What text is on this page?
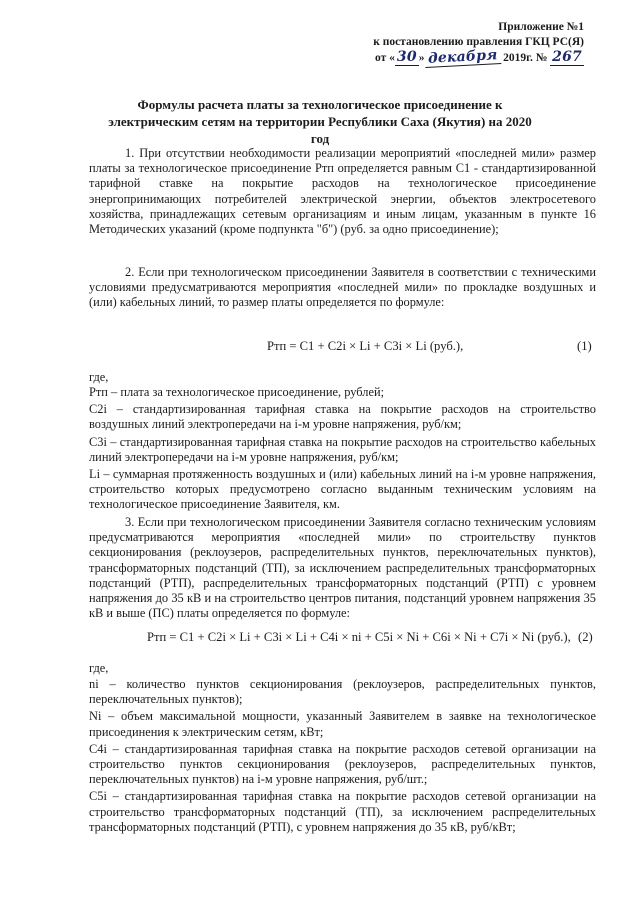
Приложение №1
к постановлению правления ГКЦ РС(Я)
от « 30 » декабря 2019г. № 267
Формулы расчета платы за технологическое присоединение к электрическим сетям на территории Республики Саха (Якутия) на 2020 год
1. При отсутствии необходимости реализации мероприятий «последней мили» размер платы за технологическое присоединение Pтп определяется равным C1 - стандартизированной тарифной ставке на покрытие расходов на технологическое присоединение энергопринимающих потребителей электрической энергии, объектов электросетевого хозяйства, принадлежащих сетевым организациям и иным лицам, указанным в пункте 16 Методических указаний (кроме подпункта "б") (руб. за одно присоединение);
2. Если при технологическом присоединении Заявителя в соответствии с техническими условиями предусматриваются мероприятия «последней мили» по прокладке воздушных и (или) кабельных линий, то размер платы определяется по формуле:
Pтп = C1 + C2i × Li + C3i × Li (руб.),	(1)
где,

Pтп – плата за технологическое присоединение, рублей;

C2i – стандартизированная тарифная ставка на покрытие расходов на строительство воздушных линий электропередачи на i-м уровне напряжения, руб/км;

C3i – стандартизированная тарифная ставка на покрытие расходов на строительство кабельных линий электропередачи на i-м уровне напряжения, руб/км;

Li – суммарная протяженность воздушных и (или) кабельных линий на i-м уровне напряжения, строительство которых предусмотрено согласно выданным техническим условиям на технологическое присоединение Заявителя, км.

3. Если при технологическом присоединении Заявителя согласно техническим условиям предусматриваются мероприятия «последней мили» по строительству пунктов секционирования (реклоузеров, распределительных пунктов, переключательных пунктов), трансформаторных подстанций (ТП), за исключением распределительных трансформаторных подстанций (РТП), распределительных трансформаторных подстанций (РТП) с уровнем напряжения до 35 кВ и на строительство центров питания, подстанций уровнем напряжения 35 кВ и выше (ПС) платы определяется по формуле:
Pтп = C1 + C2i × Li + C3i × Li + C4i × ni + C5i × Ni + C6i × Ni + C7i × Ni (руб.), (2)
где,

ni – количество пунктов секционирования (реклоузеров, распределительных пунктов, переключательных пунктов);

Ni – объем максимальной мощности, указанный Заявителем в заявке на технологическое присоединения к электрическим сетям, кВт;

C4i – стандартизированная тарифная ставка на покрытие расходов сетевой организации на строительство пунктов секционирования (реклоузеров, распределительных пунктов, переключательных пунктов) на i-м уровне напряжения, руб/шт.;

C5i – стандартизированная тарифная ставка на покрытие расходов сетевой организации на строительство трансформаторных подстанций (ТП), за исключением распределительных трансформаторных подстанций (РТП), с уровнем напряжения до 35 кВ, руб/кВт;
